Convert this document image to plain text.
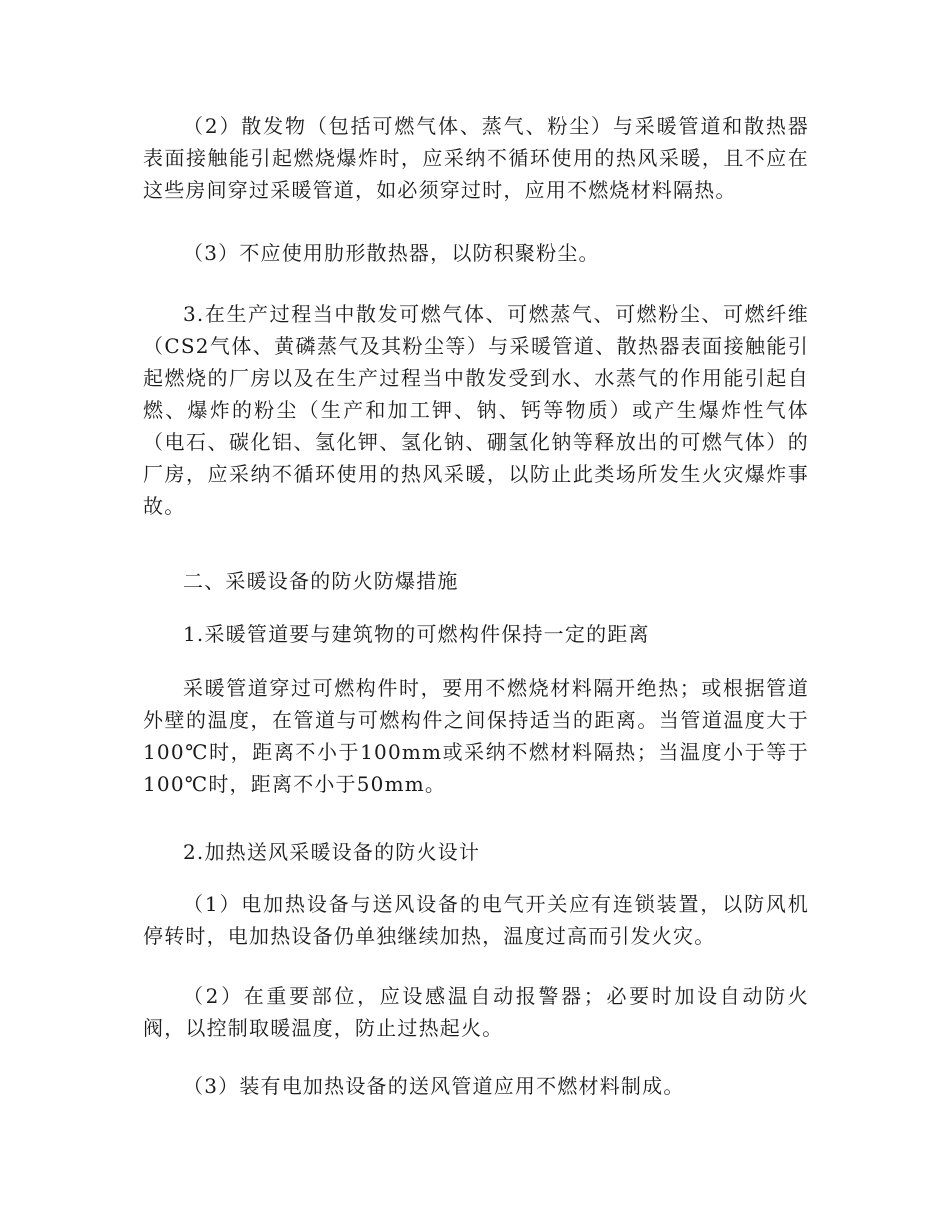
（2）散发物（包括可燃气体、蒸气、粉尘）与采暖管道和散热器表面接触能引起燃烧爆炸时，应采纳不循环使用的热风采暖，且不应在这些房间穿过采暖管道，如必须穿过时，应用不燃烧材料隔热。

（3）不应使用肋形散热器，以防积聚粉尘。

3.在生产过程当中散发可燃气体、可燃蒸气、可燃粉尘、可燃纤维（CS2气体、黄磷蒸气及其粉尘等）与采暖管道、散热器表面接触能引起燃烧的厂房以及在生产过程当中散发受到水、水蒸气的作用能引起自燃、爆炸的粉尘（生产和加工钾、钠、钙等物质）或产生爆炸性气体（电石、碳化铝、氢化钾、氢化钠、硼氢化钠等释放出的可燃气体）的厂房，应采纳不循环使用的热风采暖，以防止此类场所发生火灾爆炸事故。

二、采暖设备的防火防爆措施

1.采暖管道要与建筑物的可燃构件保持一定的距离

采暖管道穿过可燃构件时，要用不燃烧材料隔开绝热；或根据管道外壁的温度，在管道与可燃构件之间保持适当的距离。当管道温度大于100℃时，距离不小于100mm或采纳不燃材料隔热；当温度小于等于100℃时，距离不小于50mm。

2.加热送风采暖设备的防火设计

（1）电加热设备与送风设备的电气开关应有连锁装置，以防风机停转时，电加热设备仍单独继续加热，温度过高而引发火灾。

（2）在重要部位，应设感温自动报警器；必要时加设自动防火阀，以控制取暖温度，防止过热起火。

（3）装有电加热设备的送风管道应用不燃材料制成。
